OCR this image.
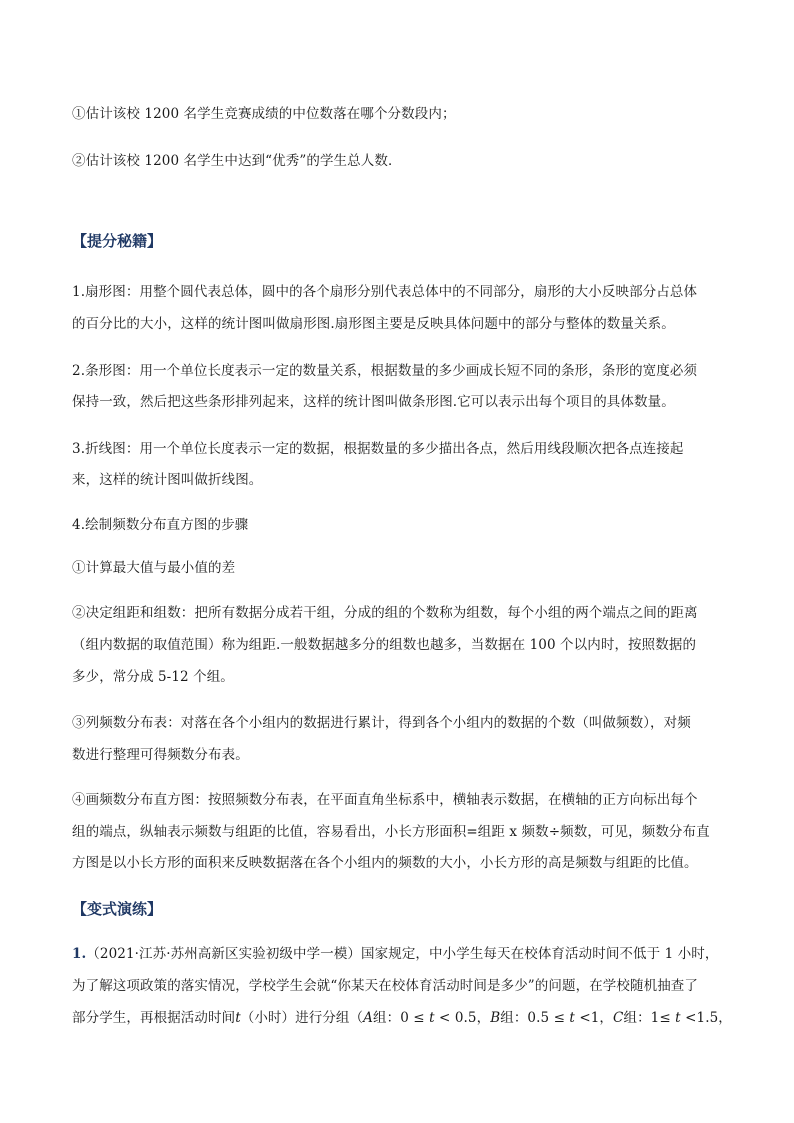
①估计该校 1200 名学生竞赛成绩的中位数落在哪个分数段内；
②估计该校 1200 名学生中达到“优秀”的学生总人数．
【提分秘籍】
1.扇形图：用整个圆代表总体，圆中的各个扇形分别代表总体中的不同部分，扇形的大小反映部分占总体
的百分比的大小，这样的统计图叫做扇形图.扇形图主要是反映具体问题中的部分与整体的数量关系。
2.条形图：用一个单位长度表示一定的数量关系，根据数量的多少画成长短不同的条形，条形的宽度必须
保持一致，然后把这些条形排列起来，这样的统计图叫做条形图.它可以表示出每个项目的具体数量。
3.折线图：用一个单位长度表示一定的数据，根据数量的多少描出各点，然后用线段顺次把各点连接起
来，这样的统计图叫做折线图。
4.绘制频数分布直方图的步骤
①计算最大值与最小值的差
②决定组距和组数：把所有数据分成若干组，分成的组的个数称为组数，每个小组的两个端点之间的距离
（组内数据的取值范围）称为组距.一般数据越多分的组数也越多，当数据在 100 个以内时，按照数据的
多少，常分成 5-12 个组。
③列频数分布表：对落在各个小组内的数据进行累计，得到各个小组内的数据的个数（叫做频数），对频
数进行整理可得频数分布表。
④画频数分布直方图：按照频数分布表，在平面直角坐标系中，横轴表示数据，在横轴的正方向标出每个
组的端点，纵轴表示频数与组距的比值，容易看出，小长方形面积=组距 x 频数÷频数，可见，频数分布直
方图是以小长方形的面积来反映数据落在各个小组内的频数的大小，小长方形的高是频数与组距的比值。
【变式演练】
1.（2021·江苏·苏州高新区实验初级中学一模）国家规定，中小学生每天在校体育活动时间不低于 1 小时，
为了解这项政策的落实情况，学校学生会就“你某天在校体育活动时间是多少”的问题，在学校随机抽查了
部分学生，再根据活动时间t（小时）进行分组（A组：0 ≤ t < 0.5，B组：0.5 ≤ t <1，C组：1≤ t <1.5，
